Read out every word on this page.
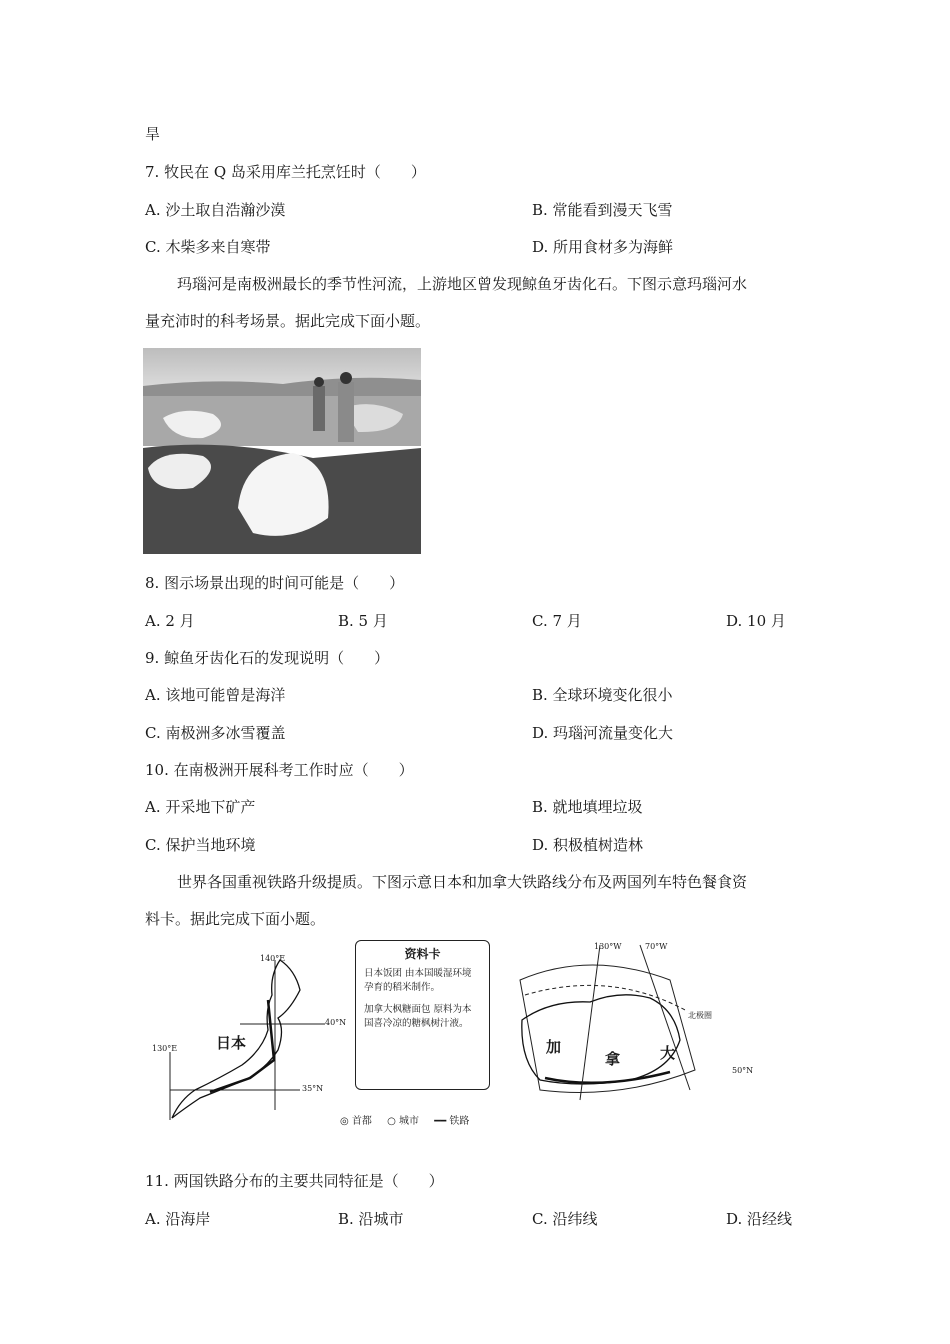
旱
7. 牧民在 Q 岛采用库兰托烹饪时（　　）
A. 沙土取自浩瀚沙漠	B. 常能看到漫天飞雪
C. 木柴多来自寒带	D. 所用食材多为海鲜
玛瑙河是南极洲最长的季节性河流，上游地区曾发现鲸鱼牙齿化石。下图示意玛瑙河水
量充沛时的科考场景。据此完成下面小题。
8. 图示场景出现的时间可能是（　　）
A. 2 月	B. 5 月	C. 7 月	D. 10 月
9. 鲸鱼牙齿化石的发现说明（　　）
A. 该地可能曾是海洋	B. 全球环境变化很小
C. 南极洲多冰雪覆盖	D. 玛瑙河流量变化大
10. 在南极洲开展科考工作时应（　　）
A. 开采地下矿产	B. 就地填埋垃圾
C. 保护当地环境	D. 积极植树造林
世界各国重视铁路升级提质。下图示意日本和加拿大铁路线分布及两国列车特色餐食资
料卡。据此完成下面小题。
日本
140°E
130°E
40°N
35°N
资料卡
日本饭团 由本国暖湿环境孕育的稻米制作。
加拿大枫糖面包 原料为本国喜冷凉的糖枫树汁液。
130°W	70°W
50°N
北极圈
加
拿	大
◎ 首都 ○ 城市 ━━ 铁路
11. 两国铁路分布的主要共同特征是（　　）
A. 沿海岸	B. 沿城市	C. 沿纬线	D. 沿经线
